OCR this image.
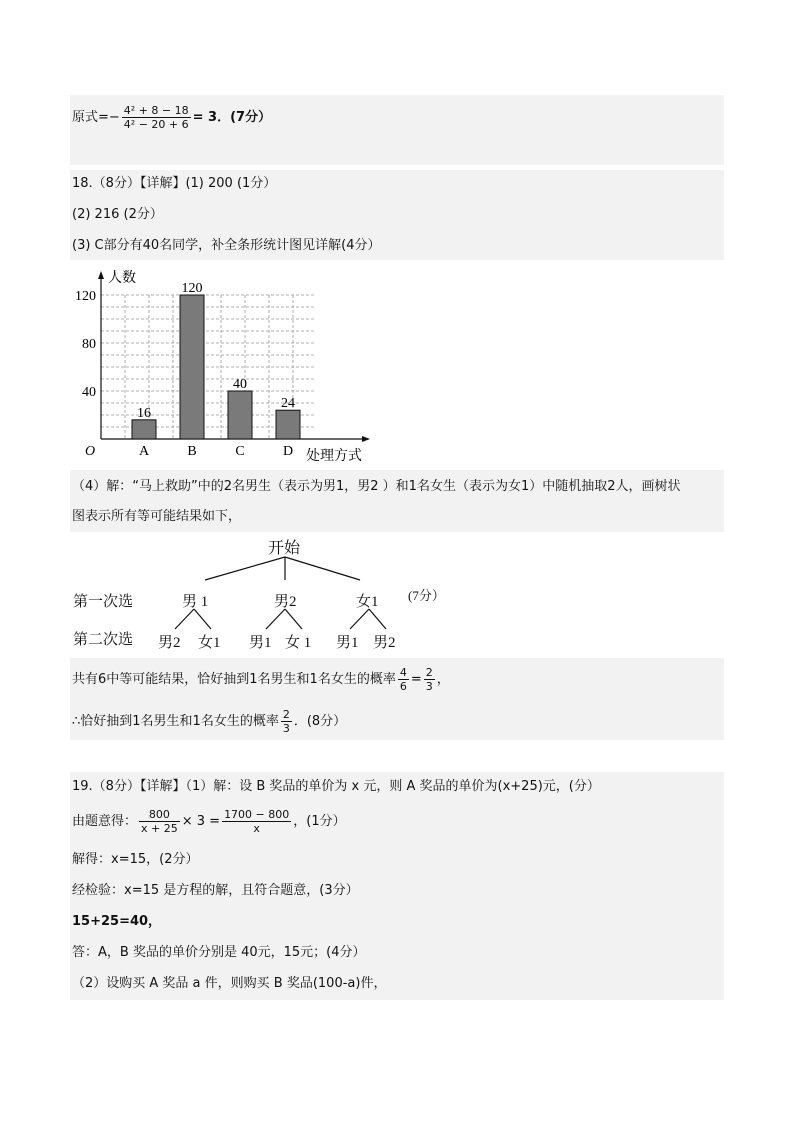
原式=− $\frac{\text{4² + 8 − 18}}{\text{4² − 20 + 6}} = 3$．(7分）
18.（8分）【详解】(1) 200 (1分）
(2) 216 (2分）
(3) C部分有40名同学，补全条形统计图见详解(4分）
40
80
120
O
人数
处理方式
16
A
120
B
40
C
24
D
（4）解：“马上救助”中的2名男生（表示为男1，男2 ）和1名女生（表示为女1）中随机抽取2人，画树状
图表示所有等可能结果如下，
开始
第一次选
第二次选
男 1	男2	女1 (7分）
男2 女1 男1 女 1 男1 男2
共有6中等可能结果，恰好抽到1名男生和1名女生的概率 $\frac{4}{6} = \frac{2}{3}$ ，
∴恰好抽到1名男生和1名女生的概率 $\frac{2}{3}$ ．(8分）
19.（8分）【详解】（1）解：设 B 奖品的单价为 x 元，则 A 奖品的单价为(x+25)元，(分）
由题意得： $\frac{800}{x + 25} \times 3 = \frac{1700 - 800}{x}$ ，(1分）
解得：x=15，(2分）
经检验：x=15 是方程的解，且符合题意，(3分）
15+25=40，
答：A，B 奖品的单价分别是 40元，15元；(4分）
（2）设购买 A 奖品 a 件，则购买 B 奖品(100-a)件，
